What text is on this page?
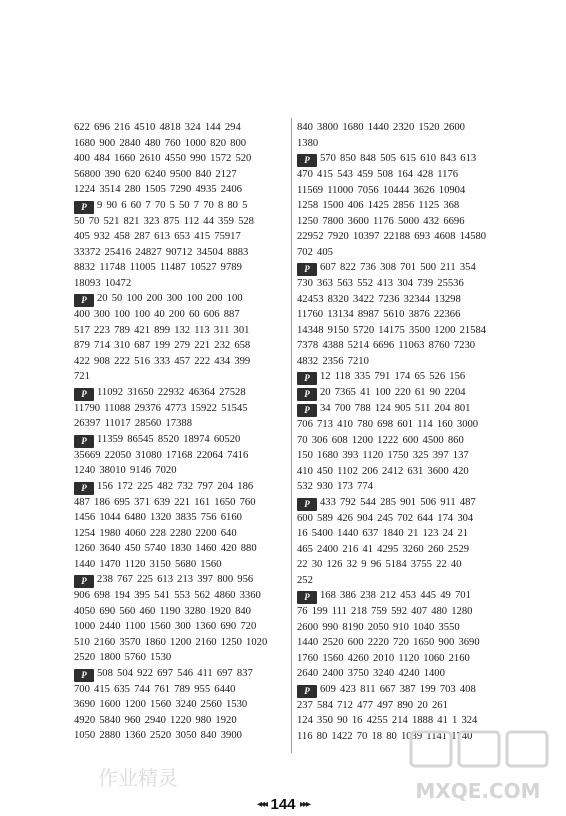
622 696 216 4510 4818 324 144 294
1680 900 2840 480 760 1000 820 800
400 484 1660 2610 4550 990 1572 520
56800 390 620 6240 9500 840 2127
1224 3514 280 1505 7290 4935 2406
P 9 90 6 60 7 70 5 50 7 70 8 80 5
50 70 521 821 323 875 112 44 359 528
405 932 458 287 613 653 415 75917
33372 25416 24827 90712 34504 8883
8832 11748 11005 11487 10527 9789
18093 10472
P 20 50 100 200 300 100 200 100
400 300 100 100 40 200 60 606 887
517 223 789 421 899 132 113 311 301
879 714 310 687 199 279 221 232 658
422 908 222 516 333 457 222 434 399
721
P 11092 31650 22932 46364 27528
11790 11088 29376 4773 15922 51545
26397 11017 28560 17388
P 11359 86545 8520 18974 60520
35669 22050 31080 17168 22064 7416
1240 38010 9146 7020
P 156 172 225 482 732 797 204 186
487 186 695 371 639 221 161 1650 760
1456 1044 6480 1320 3835 756 6160
1254 1980 4060 228 2280 2200 640
1260 3640 450 5740 1830 1460 420 880
1440 1470 1120 3150 5680 1560
P 238 767 225 613 213 397 800 956
906 698 194 395 541 553 562 4860 3360
4050 690 560 460 1190 3280 1920 840
1000 2440 1100 1560 300 1360 690 720
510 2160 3570 1860 1200 2160 1250 1020
2520 1800 5760 1530
P 508 504 922 697 546 411 697 837
700 415 635 744 761 789 955 6440
3690 1600 1200 1560 3240 2560 1530
4920 5840 960 2940 1220 980 1920
1050 2880 1360 2520 3050 840 3900
840 3800 1680 1440 2320 1520 2600
1380
P 570 850 848 505 615 610 843 613
470 415 543 459 508 164 428 1176
11569 11000 7056 10444 3626 10904
1258 1500 406 1425 2856 1125 368
1250 7800 3600 1176 5000 432 6696
22952 7920 10397 22188 693 4608 14580
702 405
P 607 822 736 308 701 500 211 354
730 363 563 552 413 304 739 25536
42453 8320 3422 7236 32344 13298
11760 13134 8987 5610 3876 22366
14348 9150 5720 14175 3500 1200 21584
7378 4388 5214 6696 11063 8760 7230
4832 2356 7210
P 12 118 335 791 174 65 526 156
P 20 7365 41 100 220 61 90 2204
P 34 700 788 124 905 511 204 801
706 713 410 780 698 601 114 160 3000
70 306 608 1200 1222 600 4500 860
150 1680 393 1120 1750 325 397 137
410 450 1102 206 2412 631 3600 420
532 930 173 774
P 433 792 544 285 901 506 911 487
600 589 426 904 245 702 644 174 304
16 5400 1440 637 1840 21 123 24 21
465 2400 216 41 4295 3260 260 2529
22 30 126 32 9 96 5184 3755 22 40
252
P 168 386 238 212 453 445 49 701
76 199 111 218 759 592 407 480 1280
2600 990 8190 2050 910 1040 3550
1440 2520 600 2220 720 1650 900 3690
1760 1560 4260 2010 1120 1060 2160
2640 2400 3750 3240 4240 1400
P 609 423 811 667 387 199 703 408
237 584 712 477 497 890 20 261
124 350 90 16 4255 214 1888 41 1 324
116 80 1422 70 18 80 1039 1141 1740
作业精灵
MXQE.COM
◂◂◂ 144 ▸▸▸
